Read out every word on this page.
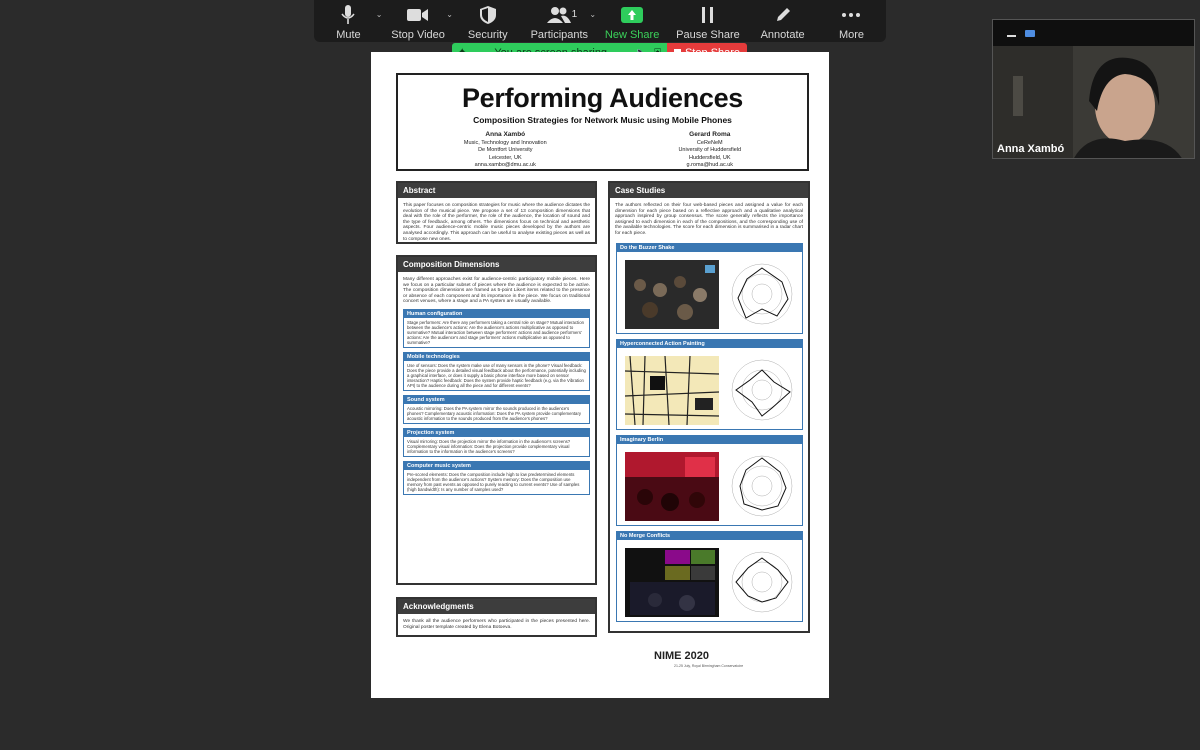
⌄
Mute
⌄
Stop Video Security
1 ⌄
Participants New Share Pause Share Annotate	More
Anna Xambó
Performing Audiences
Composition Strategies for Network Music using Mobile Phones
Anna Xambó
Music, Technology and Innovation
De Montfort University
Leicester, UK
anna.xambo@dmu.ac.uk
Gerard Roma
CeReNeM
University of Huddersfield
Huddersfield, UK
g.roma@hud.ac.uk
Abstract
This paper focuses on composition strategies for music where the audience dictates the evolution of the musical piece. We propose a set of 13 composition dimensions that deal with the role of the performer, the role of the audience, the location of sound and the type of feedback, among others. The dimensions focus on technical and aesthetic aspects. Four audience-centric mobile music pieces developed by the authors are analysed accordingly. This approach can be useful to analyse existing pieces as well as to compose new ones.
Composition Dimensions
Many different approaches exist for audience-centric participatory mobile pieces. Here we focus on a particular subset of pieces where the audience is expected to be active. The composition dimensions are framed as 5-point Likert items related to the presence or absence of each component and its importance in the piece. We focus on traditional concert venues, where a stage and a PA system are usually available.
Human configuration
Stage performers: Are there any performers taking a central role on stage? Mutual interaction between the audience's actions: Are the audience's actions multiplicative as opposed to summative? Mutual interaction between stage performers' actions and audience performers' actions: Are the audience's and stage performers' actions multiplicative as opposed to summative?
Mobile technologies
Use of sensors: Does the system make use of many sensors in the phone? Visual feedback: Does the piece provide a detailed visual feedback about the performance, potentially including a graphical interface, or does it supply a basic phone interface more based on sensor interaction? Haptic feedback: Does the system provide haptic feedback (e.g. via the Vibration API) to the audience during all the piece and for different events?
Sound system
Acoustic mirroring: Does the PA system mirror the sounds produced in the audience's phones? Complementary acoustic information: Does the PA system provide complementary acoustic information to the sounds produced from the audience's phones?
Projection system
Visual mirroring: Does the projection mirror the information in the audience's screens? Complementary visual information: Does the projection provide complementary visual information to the information in the audience's screens?
Computer music system
Pre-scored elements: Does the composition include high to low predetermined elements independent from the audience's actions? System memory: Does the composition use memory from past events as opposed to purely reacting to current events? Use of samples (high bandwidth): Is any number of samples used?
Acknowledgments
We thank all the audience performers who participated in the pieces presented here. Original poster template created by Elena Botoeva.
Case Studies
The authors reflected on their four web-based pieces and assigned a value for each dimension for each piece based on a reflective approach and a qualitative analytical approach inspired by group consensus. The score generally reflects the importance assigned to each dimension in each of the compositions, and the corresponding use of the available technologies. The score for each dimension is summarised in a radar chart for each piece.
Do the Buzzer Shake
Hyperconnected Action Painting
Imaginary Berlin
No Merge Conflicts
NIME 2020
21-25 July, Royal Birmingham Conservatoire
